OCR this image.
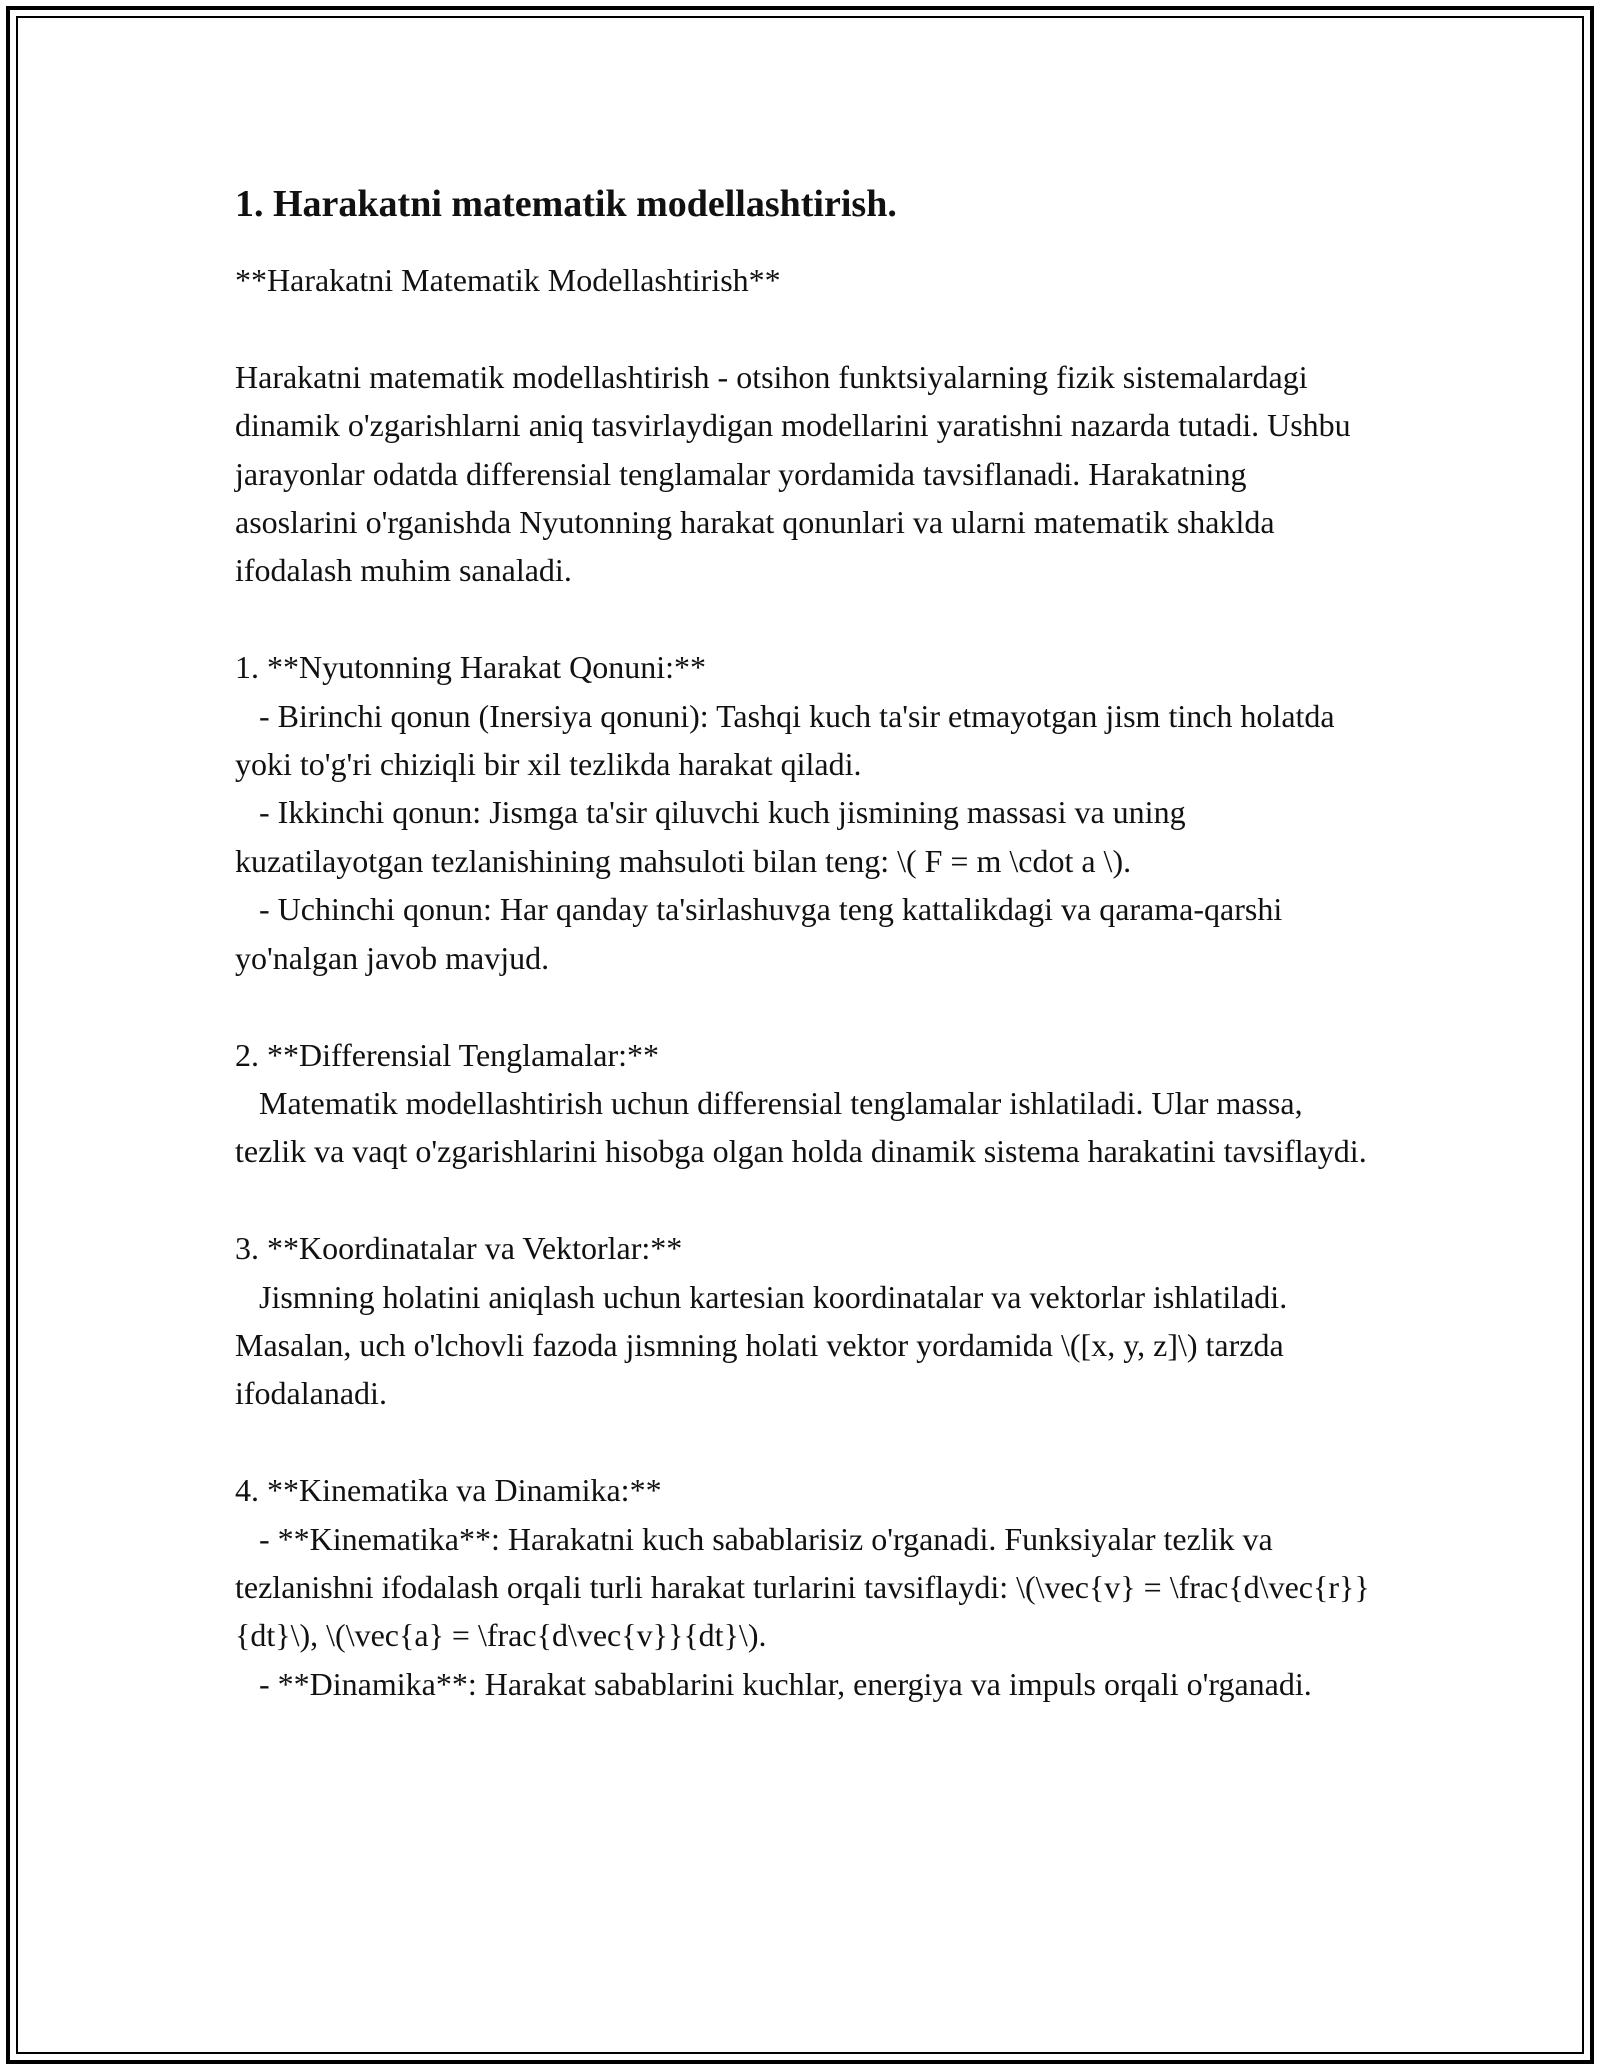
1. Harakatni matematik modellashtirish.
**Harakatni Matematik Modellashtirish**

Harakatni matematik modellashtirish - otsihon funktsiyalarning fizik sistemalardagi dinamik o'zgarishlarni aniq tasvirlaydigan modellarini yaratishni nazarda tutadi. Ushbu jarayonlar odatda differensial tenglamalar yordamida tavsiflanadi. Harakatning asoslarini o'rganishda Nyutonning harakat qonunlari va ularni matematik shaklda ifodalash muhim sanaladi.

1. **Nyutonning Harakat Qonuni:**
- Birinchi qonun (Inersiya qonuni): Tashqi kuch ta'sir etmayotgan jism tinch holatda yoki to'g'ri chiziqli bir xil tezlikda harakat qiladi.
- Ikkinchi qonun: Jismga ta'sir qiluvchi kuch jismining massasi va uning kuzatilayotgan tezlanishining mahsuloti bilan teng: \( F = m \cdot a \).
- Uchinchi qonun: Har qanday ta'sirlashuvga teng kattalikdagi va qarama-qarshi yo'nalgan javob mavjud.

2. **Differensial Tenglamalar:**
Matematik modellashtirish uchun differensial tenglamalar ishlatiladi. Ular massa, tezlik va vaqt o'zgarishlarini hisobga olgan holda dinamik sistema harakatini tavsiflaydi.

3. **Koordinatalar va Vektorlar:**
Jismning holatini aniqlash uchun kartesian koordinatalar va vektorlar ishlatiladi. Masalan, uch o'lchovli fazoda jismning holati vektor yordamida \([x, y, z]\) tarzda ifodalanadi.

4. **Kinematika va Dinamika:**
- **Kinematika**: Harakatni kuch sabablarisiz o'rganadi. Funksiyalar tezlik va tezlanishni ifodalash orqali turli harakat turlarini tavsiflaydi: \(\vec{v} = \frac{d\vec{r}}{dt}\), \(\vec{a} = \frac{d\vec{v}}{dt}\).
- **Dinamika**: Harakat sabablarini kuchlar, energiya va impuls orqali o'rganadi.
